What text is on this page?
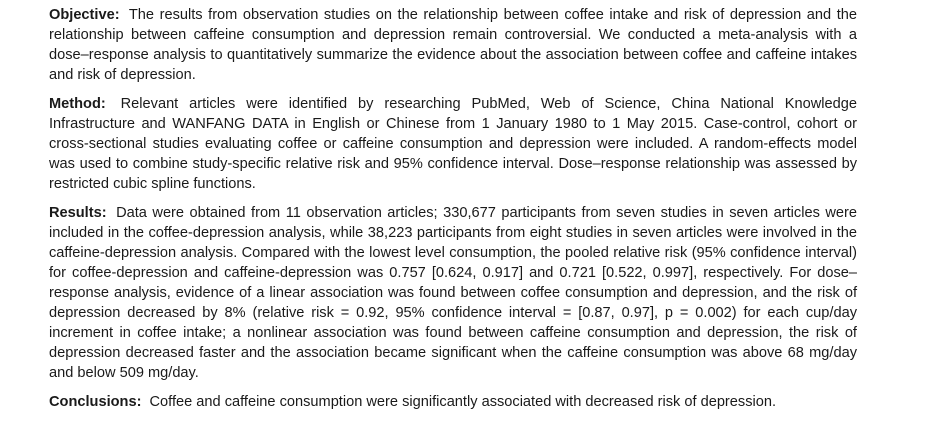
Objective: The results from observation studies on the relationship between coffee intake and risk of depression and the relationship between caffeine consumption and depression remain controversial. We conducted a meta-analysis with a dose–response analysis to quantitatively summarize the evidence about the association between coffee and caffeine intakes and risk of depression.

Method: Relevant articles were identified by researching PubMed, Web of Science, China National Knowledge Infrastructure and WANFANG DATA in English or Chinese from 1 January 1980 to 1 May 2015. Case-control, cohort or cross-sectional studies evaluating coffee or caffeine consumption and depression were included. A random-effects model was used to combine study-specific relative risk and 95% confidence interval. Dose–response relationship was assessed by restricted cubic spline functions.

Results: Data were obtained from 11 observation articles; 330,677 participants from seven studies in seven articles were included in the coffee-depression analysis, while 38,223 participants from eight studies in seven articles were involved in the caffeine-depression analysis. Compared with the lowest level consumption, the pooled relative risk (95% confidence interval) for coffee-depression and caffeine-depression was 0.757 [0.624, 0.917] and 0.721 [0.522, 0.997], respectively. For dose–response analysis, evidence of a linear association was found between coffee consumption and depression, and the risk of depression decreased by 8% (relative risk = 0.92, 95% confidence interval = [0.87, 0.97], p = 0.002) for each cup/day increment in coffee intake; a nonlinear association was found between caffeine consumption and depression, the risk of depression decreased faster and the association became significant when the caffeine consumption was above 68 mg/day and below 509 mg/day.

Conclusions: Coffee and caffeine consumption were significantly associated with decreased risk of depression.
